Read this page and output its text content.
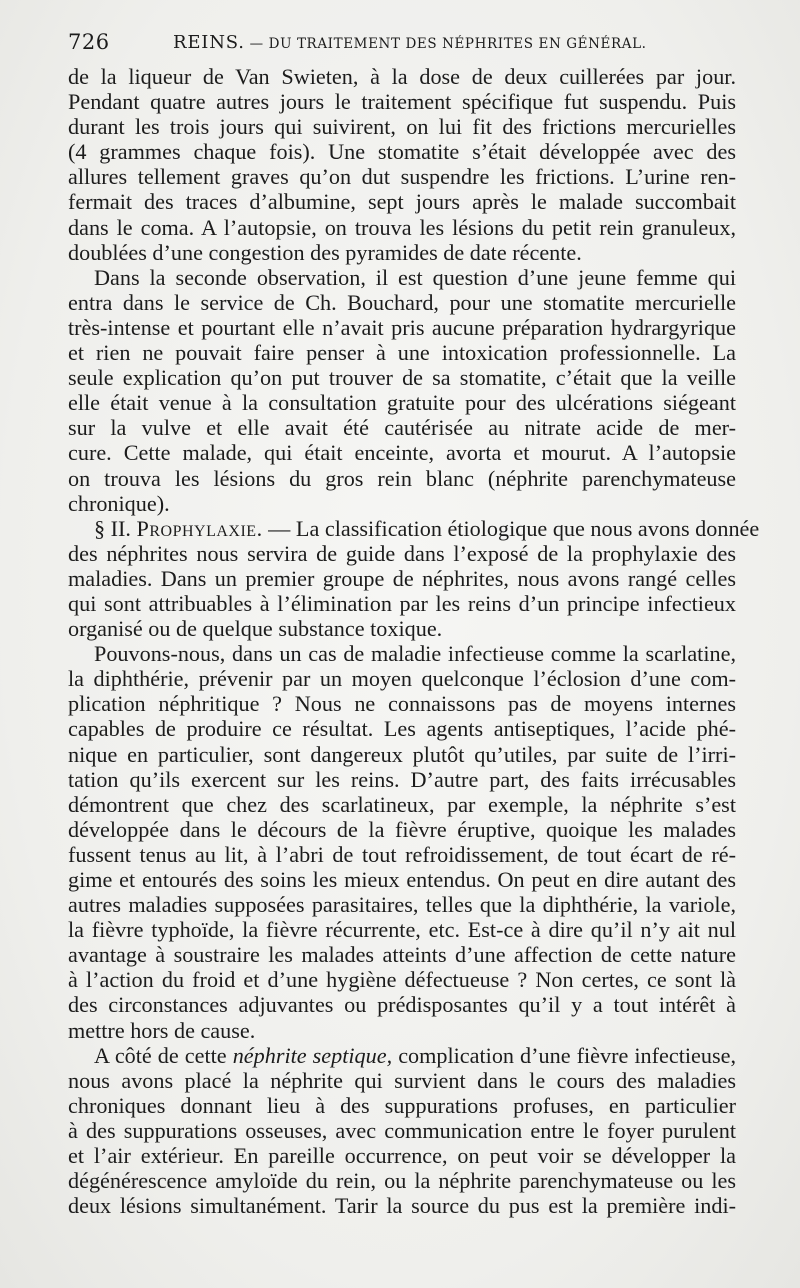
726	REINS. — DU TRAITEMENT DES NÉPHRITES EN GÉNÉRAL.
de la liqueur de Van Swieten, à la dose de deux cuillerées par jour.
Pendant quatre autres jours le traitement spécifique fut suspendu. Puis
durant les trois jours qui suivirent, on lui fit des frictions mercurielles
(4 grammes chaque fois). Une stomatite s’était développée avec des
allures tellement graves qu’on dut suspendre les frictions. L’urine ren-
fermait des traces d’albumine, sept jours après le malade succombait
dans le coma. A l’autopsie, on trouva les lésions du petit rein granuleux,
doublées d’une congestion des pyramides de date récente.
Dans la seconde observation, il est question d’une jeune femme qui
entra dans le service de Ch. Bouchard, pour une stomatite mercurielle
très-intense et pourtant elle n’avait pris aucune préparation hydrargyrique
et rien ne pouvait faire penser à une intoxication professionnelle. La
seule explication qu’on put trouver de sa stomatite, c’était que la veille
elle était venue à la consultation gratuite pour des ulcérations siégeant
sur la vulve et elle avait été cautérisée au nitrate acide de mer-
cure. Cette malade, qui était enceinte, avorta et mourut. A l’autopsie
on trouva les lésions du gros rein blanc (néphrite parenchymateuse
chronique).
§ II. Prophylaxie. — La classification étiologique que nous avons donnée
des néphrites nous servira de guide dans l’exposé de la prophylaxie des
maladies. Dans un premier groupe de néphrites, nous avons rangé celles
qui sont attribuables à l’élimination par les reins d’un principe infectieux
organisé ou de quelque substance toxique.
Pouvons-nous, dans un cas de maladie infectieuse comme la scarlatine,
la diphthérie, prévenir par un moyen quelconque l’éclosion d’une com-
plication néphritique ? Nous ne connaissons pas de moyens internes
capables de produire ce résultat. Les agents antiseptiques, l’acide phé-
nique en particulier, sont dangereux plutôt qu’utiles, par suite de l’irri-
tation qu’ils exercent sur les reins. D’autre part, des faits irrécusables
démontrent que chez des scarlatineux, par exemple, la néphrite s’est
développée dans le décours de la fièvre éruptive, quoique les malades
fussent tenus au lit, à l’abri de tout refroidissement, de tout écart de ré-
gime et entourés des soins les mieux entendus. On peut en dire autant des
autres maladies supposées parasitaires, telles que la diphthérie, la variole,
la fièvre typhoïde, la fièvre récurrente, etc. Est-ce à dire qu’il n’y ait nul
avantage à soustraire les malades atteints d’une affection de cette nature
à l’action du froid et d’une hygiène défectueuse ? Non certes, ce sont là
des circonstances adjuvantes ou prédisposantes qu’il y a tout intérêt à
mettre hors de cause.
A côté de cette néphrite septique, complication d’une fièvre infectieuse,
nous avons placé la néphrite qui survient dans le cours des maladies
chroniques donnant lieu à des suppurations profuses, en particulier
à des suppurations osseuses, avec communication entre le foyer purulent
et l’air extérieur. En pareille occurrence, on peut voir se développer la
dégénérescence amyloïde du rein, ou la néphrite parenchymateuse ou les
deux lésions simultanément. Tarir la source du pus est la première indi-
